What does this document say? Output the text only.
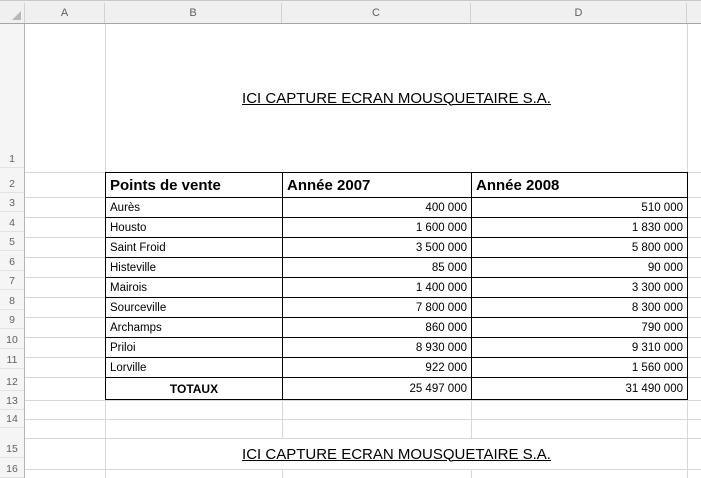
A	B	C	D
1
2
3
4
5
6
7
8
9
10
11
12
13
14
15
16
ICI CAPTURE ECRAN MOUSQUETAIRE S.A.
ICI CAPTURE ECRAN MOUSQUETAIRE S.A.
Points de vente	Année 2007	Année 2008
Aurès	400 000	510 000
Housto	1 600 000	1 830 000
Saint Froid	3 500 000	5 800 000
Histeville	85 000	90 000
Mairois	1 400 000	3 300 000
Sourceville	7 800 000	8 300 000
Archamps	860 000	790 000
Priloi	8 930 000	9 310 000
Lorville	922 000	1 560 000
TOTAUX	25 497 000	31 490 000
